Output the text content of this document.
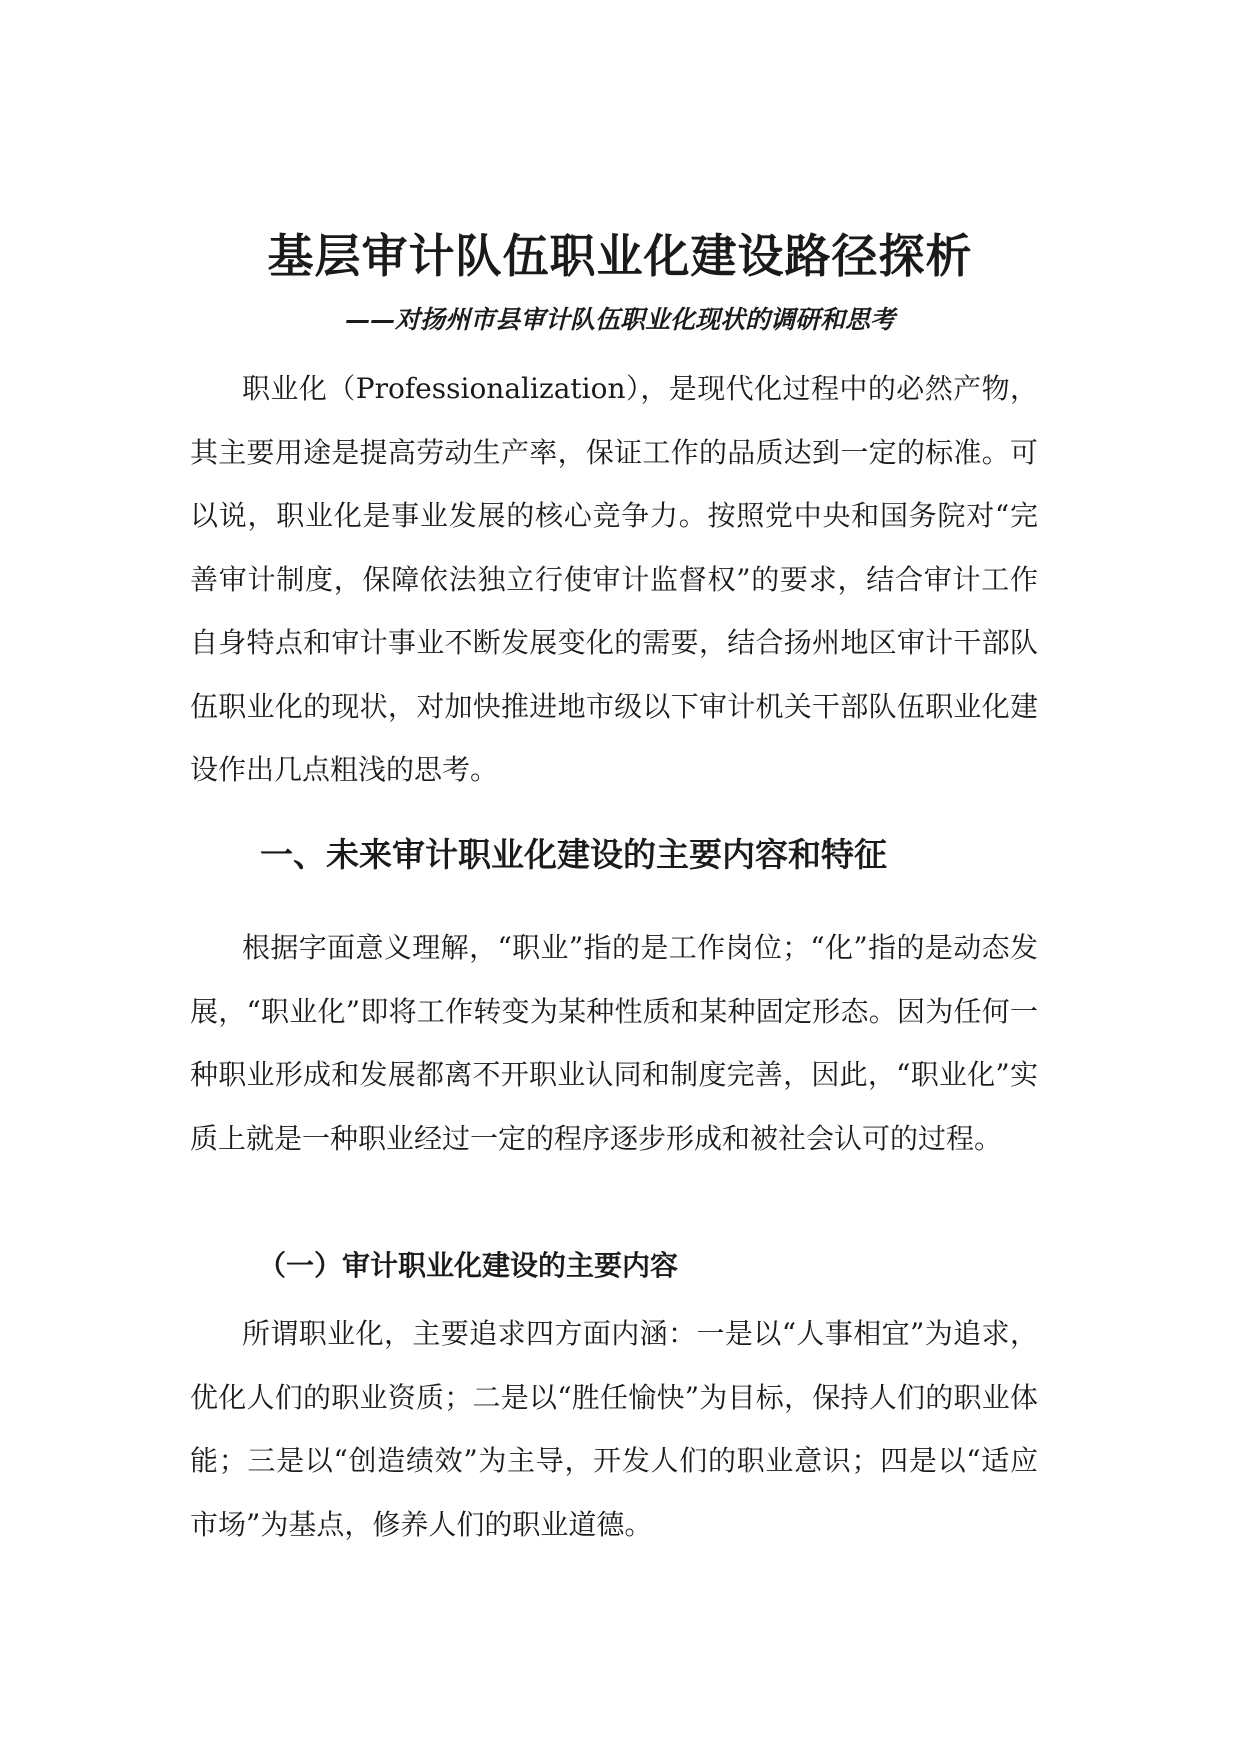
基层审计队伍职业化建设路径探析
——对扬州市县审计队伍职业化现状的调研和思考

职业化（Professionalization），是现代化过程中的必然产物，其主要用途是提高劳动生产率，保证工作的品质达到一定的标准。可以说，职业化是事业发展的核心竞争力。按照党中央和国务院对“完善审计制度，保障依法独立行使审计监督权”的要求，结合审计工作自身特点和审计事业不断发展变化的需要，结合扬州地区审计干部队伍职业化的现状，对加快推进地市级以下审计机关干部队伍职业化建设作出几点粗浅的思考。

一、未来审计职业化建设的主要内容和特征

根据字面意义理解，“职业”指的是工作岗位；“化”指的是动态发展，“职业化”即将工作转变为某种性质和某种固定形态。因为任何一种职业形成和发展都离不开职业认同和制度完善，因此，“职业化”实质上就是一种职业经过一定的程序逐步形成和被社会认可的过程。

（一）审计职业化建设的主要内容

所谓职业化，主要追求四方面内涵：一是以“人事相宜”为追求，优化人们的职业资质；二是以“胜任愉快”为目标，保持人们的职业体能；三是以“创造绩效”为主导，开发人们的职业意识；四是以“适应市场”为基点，修养人们的职业道德。
